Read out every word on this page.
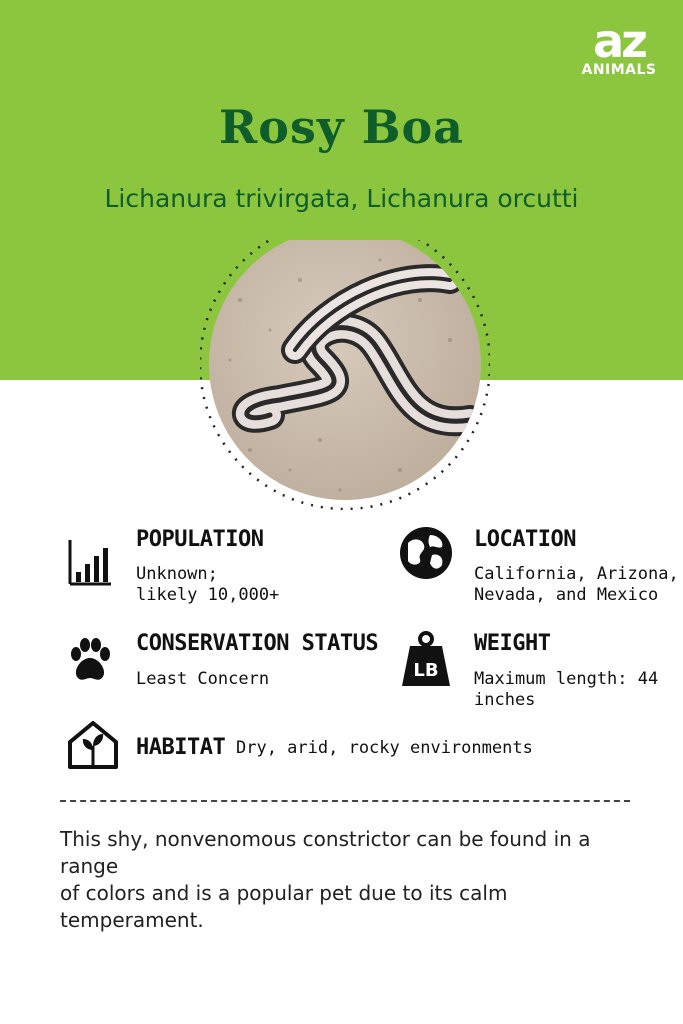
az
ANIMALS
Rosy Boa
Lichanura trivirgata, Lichanura orcutti
POPULATION
Unknown;
likely 10,000+
LOCATION
California, Arizona,
Nevada, and Mexico
CONSERVATION STATUS
Least Concern	LB
WEIGHT
Maximum length: 44
inches
HABITAT Dry, arid, rocky environments
This shy, nonvenomous constrictor can be found in a range
of colors and is a popular pet due to its calm temperament.
